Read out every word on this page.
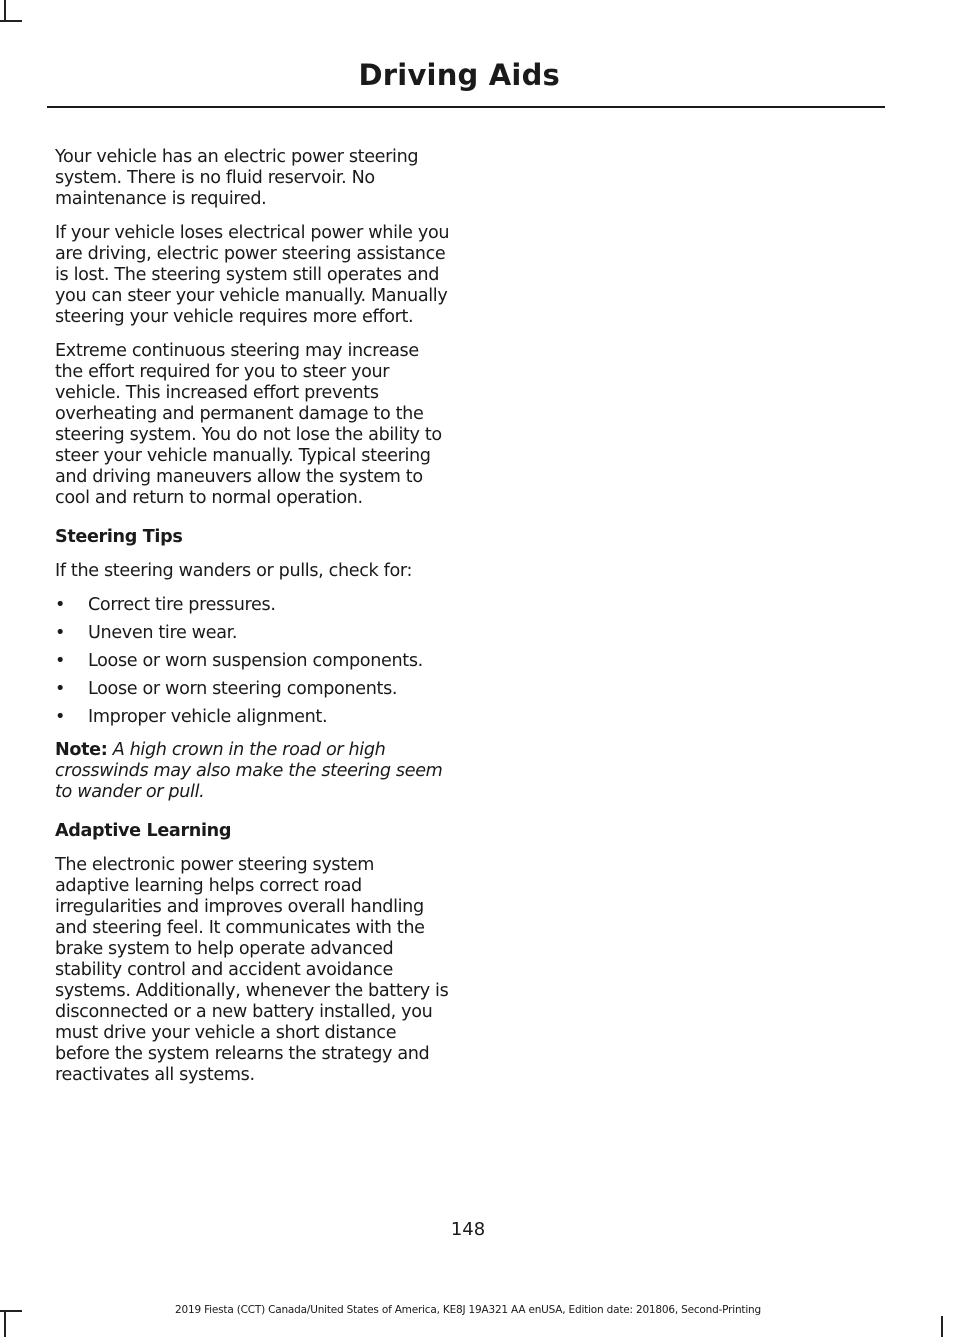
Driving Aids

Your vehicle has an electric power steering system. There is no fluid reservoir. No maintenance is required.

If your vehicle loses electrical power while you are driving, electric power steering assistance is lost. The steering system still operates and you can steer your vehicle manually. Manually steering your vehicle requires more effort.

Extreme continuous steering may increase the effort required for you to steer your vehicle. This increased effort prevents overheating and permanent damage to the steering system. You do not lose the ability to steer your vehicle manually. Typical steering and driving maneuvers allow the system to cool and return to normal operation.

Steering Tips

If the steering wanders or pulls, check for:

• Correct tire pressures.
• Uneven tire wear.
• Loose or worn suspension components.
• Loose or worn steering components.
• Improper vehicle alignment.

Note: A high crown in the road or high crosswinds may also make the steering seem to wander or pull.

Adaptive Learning

The electronic power steering system adaptive learning helps correct road irregularities and improves overall handling and steering feel. It communicates with the brake system to help operate advanced stability control and accident avoidance systems. Additionally, whenever the battery is disconnected or a new battery installed, you must drive your vehicle a short distance before the system relearns the strategy and reactivates all systems.

148

2019 Fiesta (CCT) Canada/United States of America, KE8J 19A321 AA enUSA, Edition date: 201806, Second-Printing
